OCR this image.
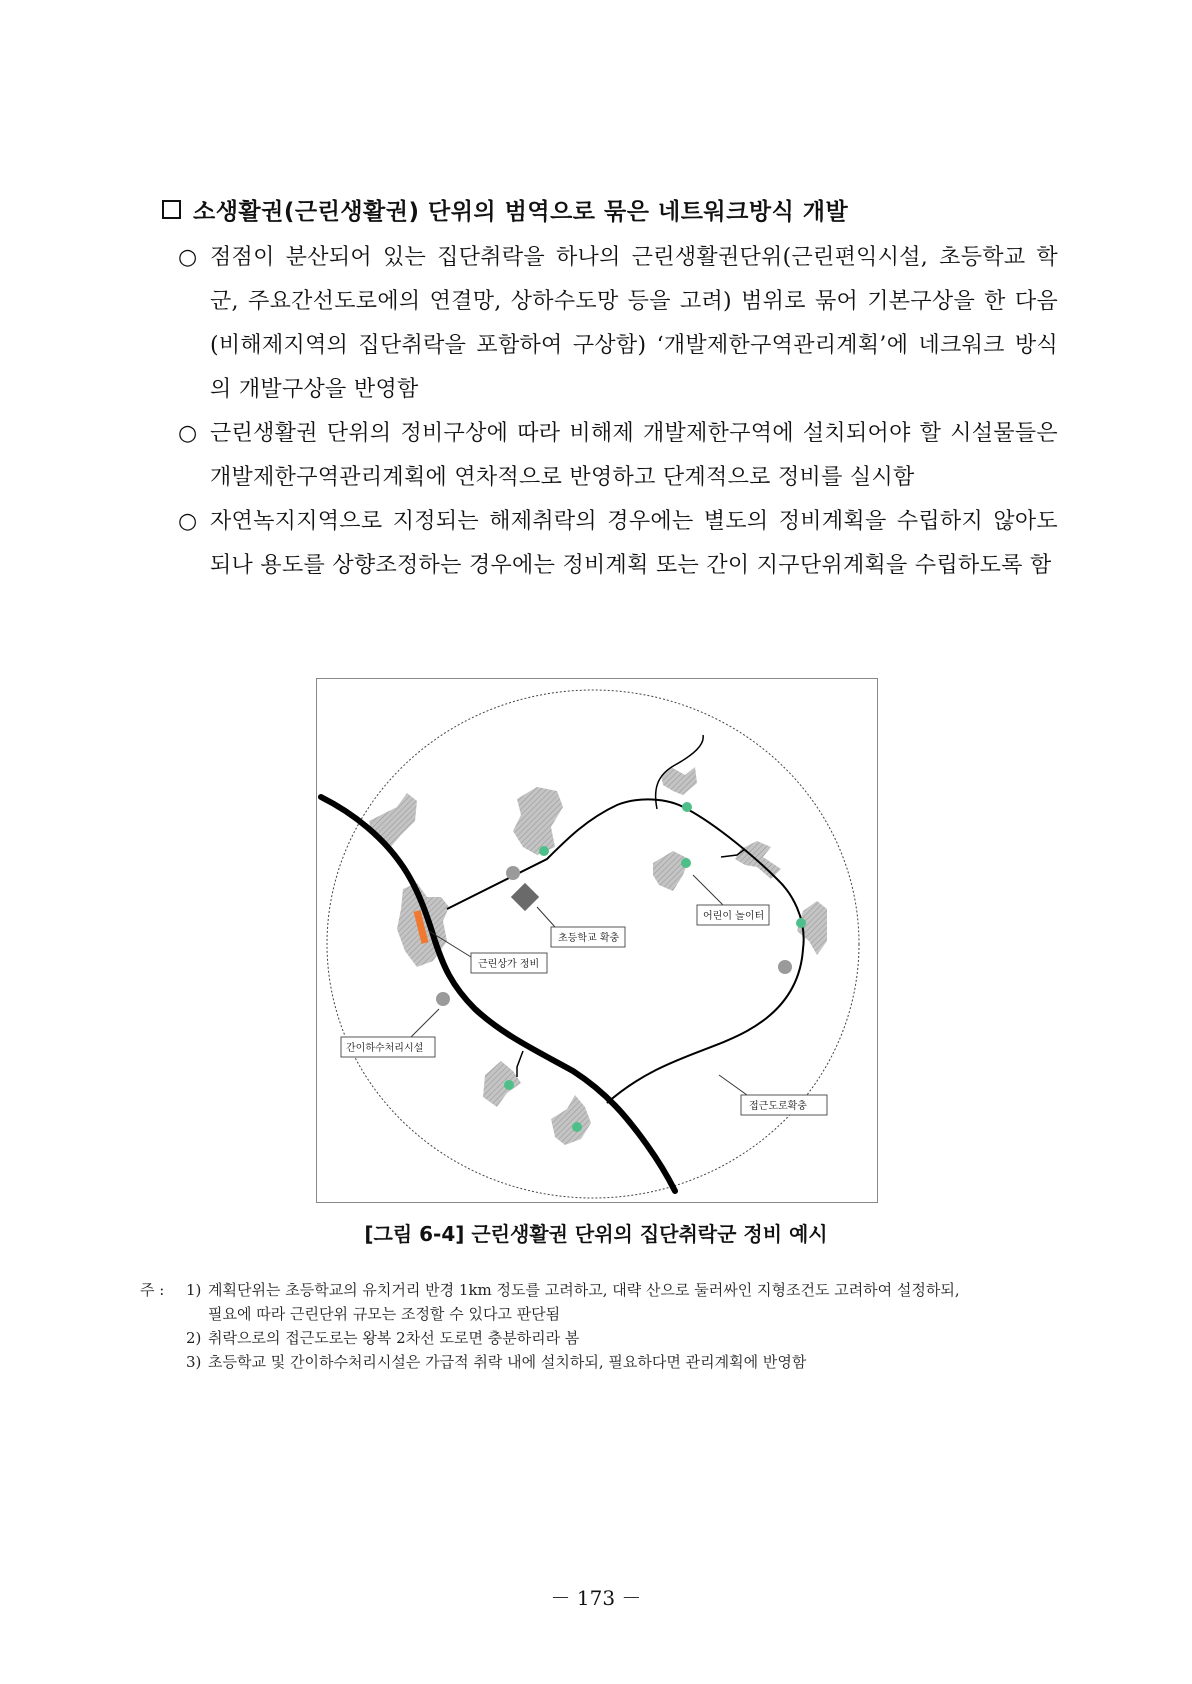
소생활권(근린생활권) 단위의 범역으로 묶은 네트워크방식 개발
○ 점점이 분산되어 있는 집단취락을 하나의 근린생활권단위(근린편익시설, 초등학교 학군, 주요간선도로에의 연결망, 상하수도망 등을 고려) 범위로 묶어 기본구상을 한 다음(비해제지역의 집단취락을 포함하여 구상함) ‘개발제한구역관리계획’에 네크워크 방식의 개발구상을 반영함
○ 근린생활권 단위의 정비구상에 따라 비해제 개발제한구역에 설치되어야 할 시설물들은 개발제한구역관리계획에 연차적으로 반영하고 단계적으로 정비를 실시함
○ 자연녹지지역으로 지정되는 해제취락의 경우에는 별도의 정비계획을 수립하지 않아도 되나 용도를 상향조정하는 경우에는 정비계획 또는 간이 지구단위계획을 수립하도록 함
초등학교 확충
어린이 놀이터
근린상가 정비
간이하수처리시설
접근도로확충
[그림 6-4] 근린생활권 단위의 집단취락군 정비 예시
주 : 1) 계획단위는 초등학교의 유치거리 반경 1km 정도를 고려하고, 대략 산으로 둘러싸인 지형조건도 고려하여 설정하되,
필요에 따라 근린단위 규모는 조정할 수 있다고 판단됨
2) 취락으로의 접근도로는 왕복 2차선 도로면 충분하리라 봄
3) 초등학교 및 간이하수처리시설은 가급적 취락 내에 설치하되, 필요하다면 관리계획에 반영함
－ 173 －
